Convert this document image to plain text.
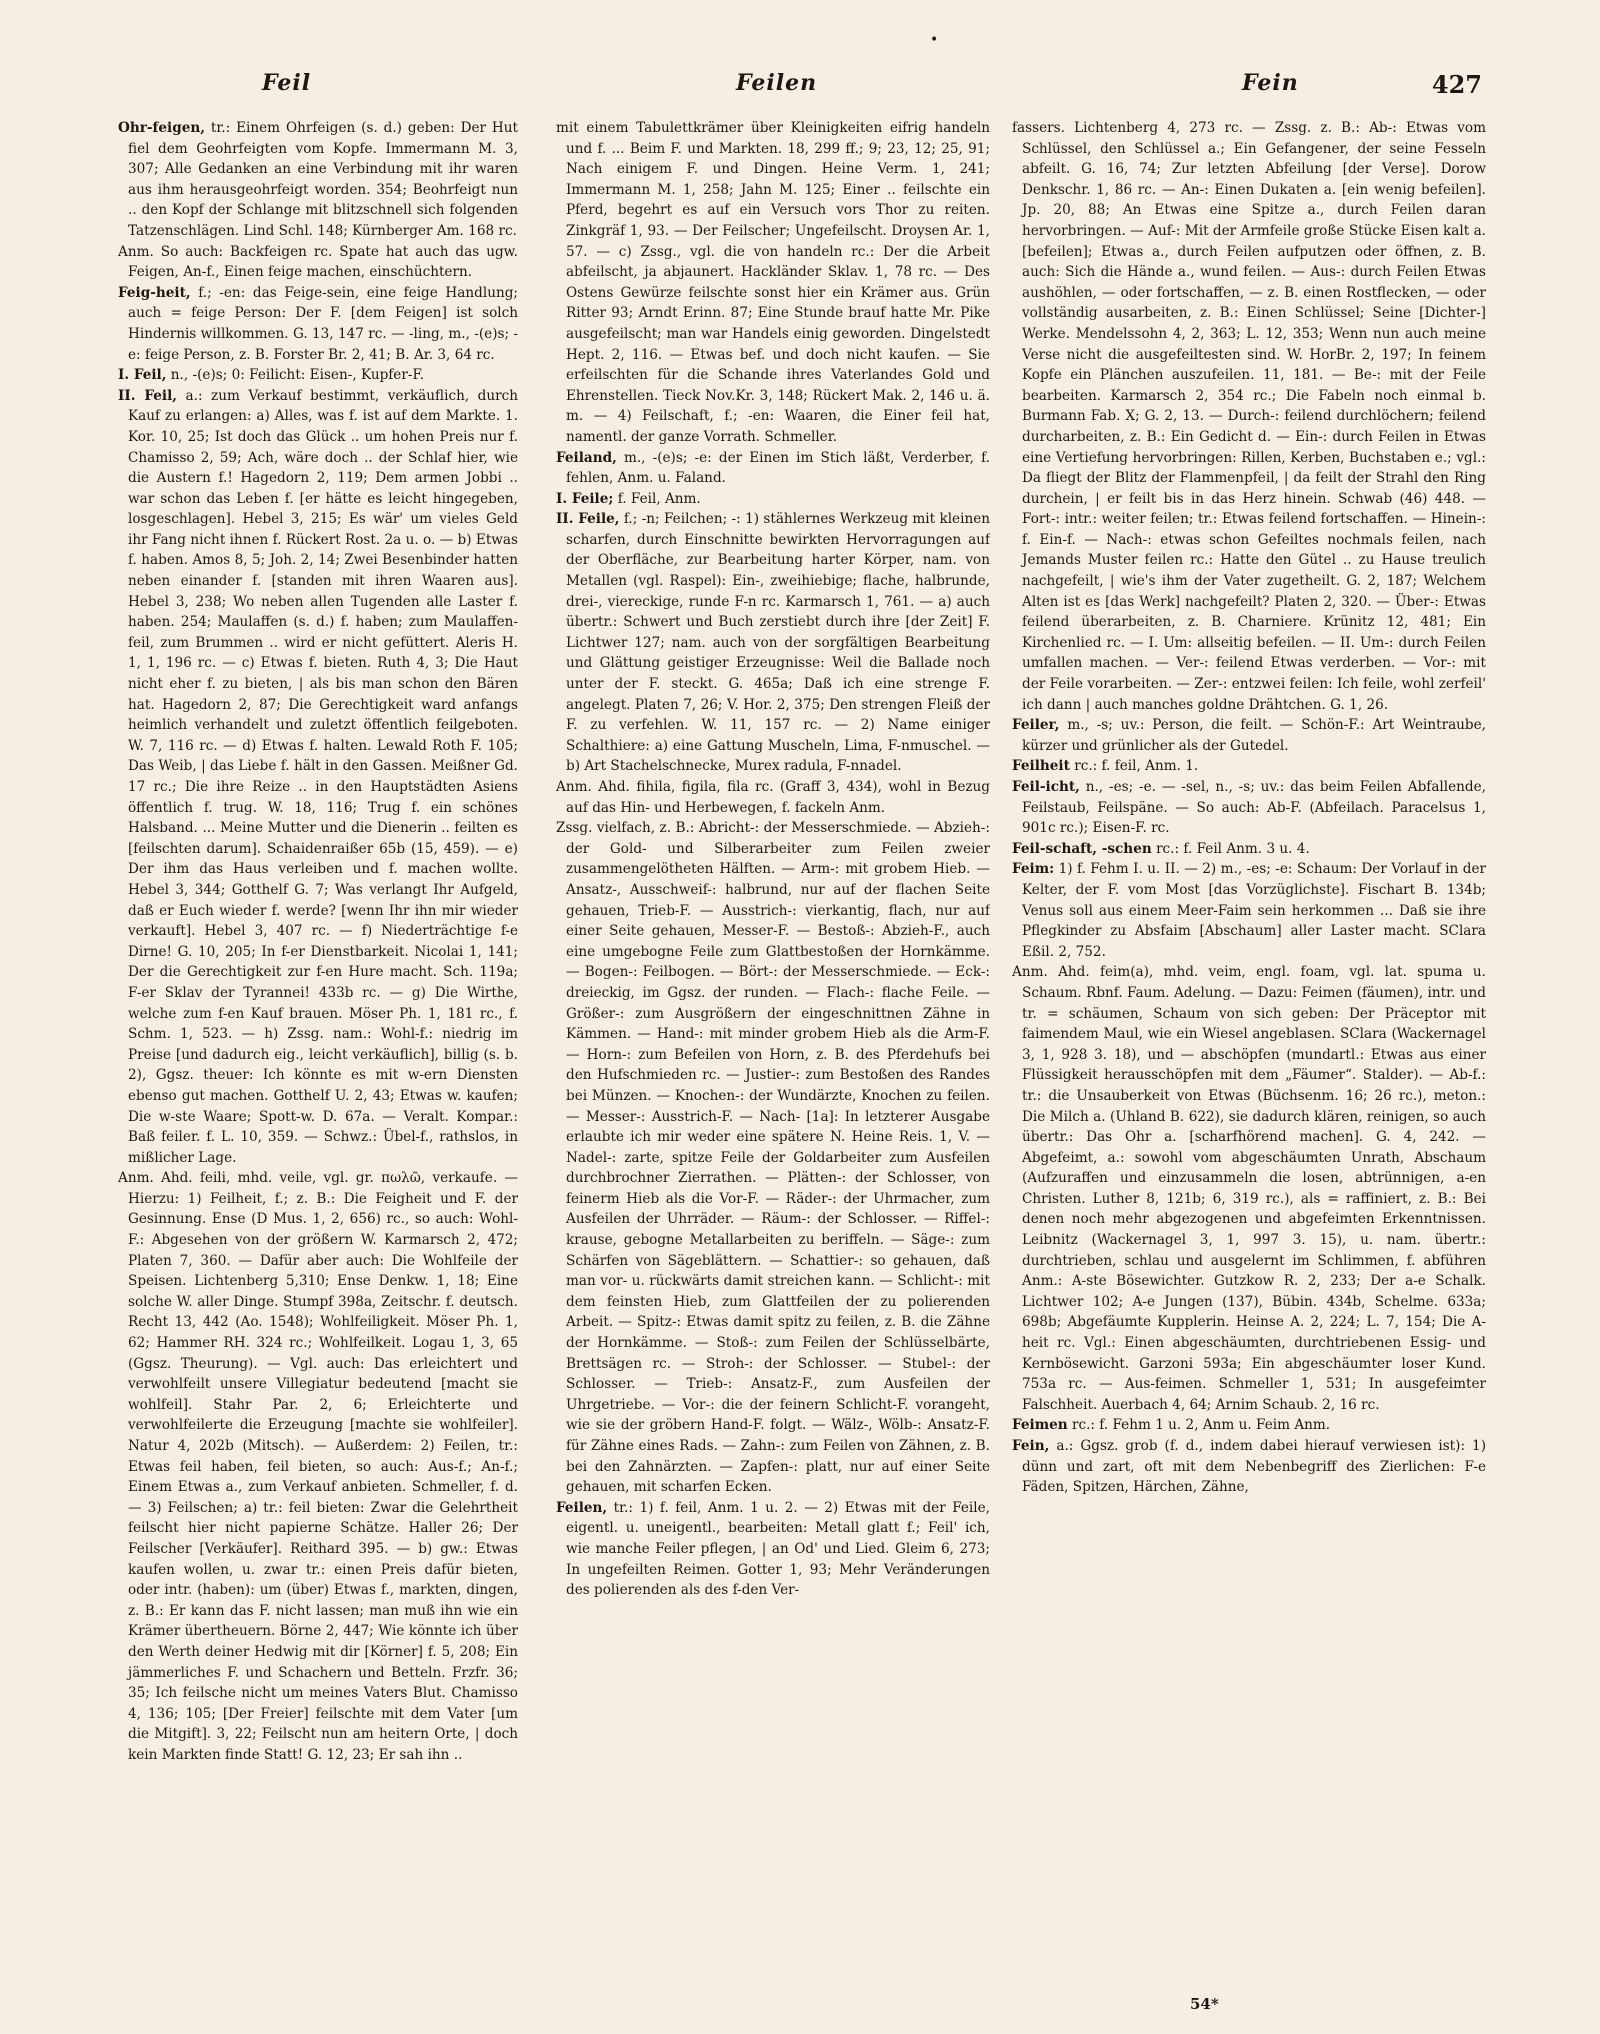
Feil	Feilen	Fein	427
•

Ohr-feigen, tr.: Einem Ohrfeigen (s. d.) geben: Der Hut fiel dem Geohrfeigten vom Kopfe. Immermann M. 3, 307; Alle Gedanken an eine Verbindung mit ihr waren aus ihm herausgeohrfeigt worden. 354; Beohrfeigt nun .. den Kopf der Schlange mit blitzschnell sich folgenden Tatzenschlägen. Lind Schl. 148; Kürnberger Am. 168 rc.

Anm. So auch: Backfeigen rc. Spate hat auch das ugw. Feigen, An-f., Einen feige machen, einschüchtern.

Feig-heit, f.; -en: das Feige-sein, eine feige Handlung; auch = feige Person: Der F. [dem Feigen] ist solch Hindernis willkommen. G. 13, 147 rc. — -ling, m., -(e)s; -e: feige Person, z. B. Forster Br. 2, 41; B. Ar. 3, 64 rc.

I. Feil, n., -(e)s; 0: Feilicht: Eisen-, Kupfer-F.

II. Feil, a.: zum Verkauf bestimmt, verkäuflich, durch Kauf zu erlangen: a) Alles, was f. ist auf dem Markte. 1. Kor. 10, 25; Ist doch das Glück .. um hohen Preis nur f. Chamisso 2, 59; Ach, wäre doch .. der Schlaf hier, wie die Austern f.! Hagedorn 2, 119; Dem armen Jobbi .. war schon das Leben f. [er hätte es leicht hingegeben, losgeschlagen]. Hebel 3, 215; Es wär' um vieles Geld ihr Fang nicht ihnen f. Rückert Rost. 2a u. o. — b) Etwas f. haben. Amos 8, 5; Joh. 2, 14; Zwei Besenbinder hatten neben einander f. [standen mit ihren Waaren aus]. Hebel 3, 238; Wo neben allen Tugenden alle Laster f. haben. 254; Maulaffen (s. d.) f. haben; zum Maulaffen-feil, zum Brummen .. wird er nicht gefüttert. Aleris H. 1, 1, 196 rc. — c) Etwas f. bieten. Ruth 4, 3; Die Haut nicht eher f. zu bieten, | als bis man schon den Bären hat. Hagedorn 2, 87; Die Gerechtigkeit ward anfangs heimlich verhandelt und zuletzt öffentlich feilgeboten. W. 7, 116 rc. — d) Etwas f. halten. Lewald Roth F. 105; Das Weib, | das Liebe f. hält in den Gassen. Meißner Gd. 17 rc.; Die ihre Reize .. in den Hauptstädten Asiens öffentlich f. trug. W. 18, 116; Trug f. ein schönes Halsband. ... Meine Mutter und die Dienerin .. feilten es [feilschten darum]. Schaidenraißer 65b (15, 459). — e) Der ihm das Haus verleiben und f. machen wollte. Hebel 3, 344; Gotthelf G. 7; Was verlangt Ihr Aufgeld, daß er Euch wieder f. werde? [wenn Ihr ihn mir wieder verkauft]. Hebel 3, 407 rc. — f) Niederträchtige f-e Dirne! G. 10, 205; In f-er Dienstbarkeit. Nicolai 1, 141; Der die Gerechtigkeit zur f-en Hure macht. Sch. 119a; F-er Sklav der Tyrannei! 433b rc. — g) Die Wirthe, welche zum f-en Kauf brauen. Möser Ph. 1, 181 rc., f. Schm. 1, 523. — h) Zssg. nam.: Wohl-f.: niedrig im Preise [und dadurch eig., leicht verkäuflich], billig (s. b. 2), Ggsz. theuer: Ich könnte es mit w-ern Diensten ebenso gut machen. Gotthelf U. 2, 43; Etwas w. kaufen; Die w-ste Waare; Spott-w. D. 67a. — Veralt. Kompar.: Baß feiler. f. L. 10, 359. — Schwz.: Übel-f., rathslos, in mißlicher Lage.

Anm. Ahd. feili, mhd. veile, vgl. gr. πωλῶ, verkaufe. — Hierzu: 1) Feilheit, f.; z. B.: Die Feigheit und F. der Gesinnung. Ense (D Mus. 1, 2, 656) rc., so auch: Wohl-F.: Abgesehen von der größern W. Karmarsch 2, 472; Platen 7, 360. — Dafür aber auch: Die Wohlfeile der Speisen. Lichtenberg 5,310; Ense Denkw. 1, 18; Eine solche W. aller Dinge. Stumpf 398a, Zeitschr. f. deutsch. Recht 13, 442 (Ao. 1548); Wohlfeiligkeit. Möser Ph. 1, 62; Hammer RH. 324 rc.; Wohlfeilkeit. Logau 1, 3, 65 (Ggsz. Theurung). — Vgl. auch: Das erleichtert und verwohlfeilt unsere Villegiatur bedeutend [macht sie wohlfeil]. Stahr Par. 2, 6; Erleichterte und verwohlfeilerte die Erzeugung [machte sie wohlfeiler]. Natur 4, 202b (Mitsch). — Außerdem: 2) Feilen, tr.: Etwas feil haben, feil bieten, so auch: Aus-f.; An-f.; Einem Etwas a., zum Verkauf anbieten. Schmeller, f. d. — 3) Feilschen; a) tr.: feil bieten: Zwar die Gelehrtheit feilscht hier nicht papierne Schätze. Haller 26; Der Feilscher [Verkäufer]. Reithard 395. — b) gw.: Etwas kaufen wollen, u. zwar tr.: einen Preis dafür bieten, oder intr. (haben): um (über) Etwas f., markten, dingen, z. B.: Er kann das F. nicht lassen; man muß ihn wie ein Krämer überthеuern. Börne 2, 447; Wie könnte ich über den Werth deiner Hedwig mit dir [Körner] f. 5, 208; Ein jämmerliches F. und Schachern und Betteln. Frzfr. 36; 35; Ich feilsche nicht um meines Vaters Blut. Chamisso 4, 136; 105; [Der Freier] feilschte mit dem Vater [um die Mitgift]. 3, 22; Feilscht nun am heitern Orte, | doch kein Markten finde Statt! G. 12, 23; Er sah ihn ..

mit einem Tabulettkrämer über Kleinigkeiten eifrig handeln und f. ... Beim F. und Markten. 18, 299 ff.; 9; 23, 12; 25, 91; Nach einigem F. und Dingen. Heine Verm. 1, 241; Immermann M. 1, 258; Jahn M. 125; Einer .. feilschte ein Pferd, begehrt es auf ein Versuch vors Thor zu reiten. Zinkgräf 1, 93. — Der Feilscher; Ungefeilscht. Droysen Ar. 1, 57. — c) Zssg., vgl. die von handeln rc.: Der die Arbeit abfeilscht, ja abjaunert. Hackländer Sklav. 1, 78 rc. — Des Ostens Gewürze feilschte sonst hier ein Krämer aus. Grün Ritter 93; Arndt Erinn. 87; Eine Stunde brauf hatte Mr. Pike ausgefeilscht; man war Handels einig geworden. Dingelstedt Hept. 2, 116. — Etwas bef. und doch nicht kaufen. — Sie erfeilschten für die Schande ihres Vaterlandes Gold und Ehrenstellen. Tieck Nov.Kr. 3, 148; Rückert Mak. 2, 146 u. ä. m. — 4) Feilschaft, f.; -en: Waaren, die Einer feil hat, namentl. der ganze Vorrath. Schmeller.

Feiland, m., -(e)s; -e: der Einen im Stich läßt, Verderber, f. fehlen, Anm. u. Faland.

I. Feile; f. Feil, Anm.

II. Feile, f.; -n; Feilchen; -: 1) stählernes Werkzeug mit kleinen scharfen, durch Einschnitte bewirkten Hervorragungen auf der Oberfläche, zur Bearbeitung harter Körper, nam. von Metallen (vgl. Raspel): Ein-, zweihiebige; flache, halbrunde, drei-, viereckige, runde F-n rc. Karmarsch 1, 761. — a) auch übertr.: Schwert und Buch zerstiebt durch ihre [der Zeit] F. Lichtwer 127; nam. auch von der sorgfältigen Bearbeitung und Glättung geistiger Erzeugnisse: Weil die Ballade noch unter der F. steckt. G. 465a; Daß ich eine strenge F. angelegt. Platen 7, 26; V. Hor. 2, 375; Den strengen Fleiß der F. zu verfehlen. W. 11, 157 rc. — 2) Name einiger Schalthiere: a) eine Gattung Muscheln, Lima, F-nmuschel. — b) Art Stachelschnecke, Murex radula, F-nnadel.

Anm. Ahd. fihila, figila, fila rc. (Graff 3, 434), wohl in Bezug auf das Hin- und Herbewegen, f. fackeln Anm.

Zssg. vielfach, z. B.: Abricht-: der Messerschmiede. — Abzieh-: der Gold- und Silberarbeiter zum Feilen zweier zusammengelötheten Hälften. — Arm-: mit grobem Hieb. — Ansatz-, Ausschweif-: halbrund, nur auf der flachen Seite gehauen, Trieb-F. — Ausstrich-: vierkantig, flach, nur auf einer Seite gehauen, Messer-F. — Bestoß-: Abzieh-F., auch eine umgebogne Feile zum Glattbestoßen der Hornkämme. — Bogen-: Feilbogen. — Bört-: der Messerschmiede. — Eck-: dreieckig, im Ggsz. der runden. — Flach-: flache Feile. — Größer-: zum Ausgrößern der eingeschnittnen Zähne in Kämmen. — Hand-: mit minder grobem Hieb als die Arm-F. — Horn-: zum Befeilen von Horn, z. B. des Pferdehufs bei den Hufschmieden rc. — Justier-: zum Bestoßen des Randes bei Münzen. — Knochen-: der Wundärzte, Knochen zu feilen. — Messer-: Ausstrich-F. — Nach- [1a]: In letzterer Ausgabe erlaubte ich mir weder eine spätere N. Heine Reis. 1, V. — Nadel-: zarte, spitze Feile der Goldarbeiter zum Ausfeilen durchbrochner Zierrathen. — Plätten-: der Schlosser, von feinerm Hieb als die Vor-F. — Räder-: der Uhrmacher, zum Ausfeilen der Uhrräder. — Räum-: der Schlosser. — Riffel-: krause, gebogne Metallarbeiten zu beriffeln. — Säge-: zum Schärfen von Sägeblättern. — Schattier-: so gehauen, daß man vor- u. rückwärts damit streichen kann. — Schlicht-: mit dem feinsten Hieb, zum Glattfeilen der zu polierenden Arbeit. — Spitz-: Etwas damit spitz zu feilen, z. B. die Zähne der Hornkämme. — Stoß-: zum Feilen der Schlüsselbärte, Brettsägen rc. — Stroh-: der Schlosser. — Stubel-: der Schlosser. — Trieb-: Ansatz-F., zum Ausfeilen der Uhrgetriebe. — Vor-: die der feinern Schlicht-F. vorangeht, wie sie der gröbern Hand-F. folgt. — Wälz-, Wölb-: Ansatz-F. für Zähne eines Rads. — Zahn-: zum Feilen von Zähnen, z. B. bei den Zahnärzten. — Zapfen-: platt, nur auf einer Seite gehauen, mit scharfen Ecken.

Feilen, tr.: 1) f. feil, Anm. 1 u. 2. — 2) Etwas mit der Feile, eigentl. u. uneigentl., bearbeiten: Metall glatt f.; Feil' ich, wie manche Feiler pflegen, | an Od' und Lied. Gleim 6, 273; In ungefeilten Reimen. Gotter 1, 93; Mehr Veränderungen des polierenden als des f-den Ver-

fassers. Lichtenberg 4, 273 rc. — Zssg. z. B.: Ab-: Etwas vom Schlüssel, den Schlüssel a.; Ein Gefangener, der seine Fesseln abfeilt. G. 16, 74; Zur letzten Abfeilung [der Verse]. Dorow Denkschr. 1, 86 rc. — An-: Einen Dukaten a. [ein wenig befeilen]. Jp. 20, 88; An Etwas eine Spitze a., durch Feilen daran hervorbringen. — Auf-: Mit der Armfeile große Stücke Eisen kalt a. [befeilen]; Etwas a., durch Feilen aufputzen oder öffnen, z. B. auch: Sich die Hände a., wund feilen. — Aus-: durch Feilen Etwas aushöhlen, — oder fortschaffen, — z. B. einen Rostflecken, — oder vollständig ausarbeiten, z. B.: Einen Schlüssel; Seine [Dichter-] Werke. Mendelssohn 4, 2, 363; L. 12, 353; Wenn nun auch meine Verse nicht die ausgefeiltesten sind. W. HorBr. 2, 197; In feinem Kopfe ein Plänchen auszufeilen. 11, 181. — Be-: mit der Feile bearbeiten. Karmarsch 2, 354 rc.; Die Fabeln noch einmal b. Burmann Fab. X; G. 2, 13. — Durch-: feilend durchlöchern; feilend durcharbeiten, z. B.: Ein Gedicht d. — Ein-: durch Feilen in Etwas eine Vertiefung hervorbringen: Rillen, Kerben, Buchstaben e.; vgl.: Da fliegt der Blitz der Flammenpfeil, | da feilt der Strahl den Ring durchein, | er feilt bis in das Herz hinein. Schwab (46) 448. — Fort-: intr.: weiter feilen; tr.: Etwas feilend fortschaffen. — Hinein-: f. Ein-f. — Nach-: etwas schon Gefeiltes nochmals feilen, nach Jemands Muster feilen rc.: Hatte den Gütel .. zu Hause treulich nachgefeilt, | wie's ihm der Vater zugetheilt. G. 2, 187; Welchem Alten ist es [das Werk] nachgefeilt? Platen 2, 320. — Über-: Etwas feilend überarbeiten, z. B. Charniere. Krünitz 12, 481; Ein Kirchenlied rc. — I. Um: allseitig befeilen. — II. Um-: durch Feilen umfallen machen. — Ver-: feilend Etwas verderben. — Vor-: mit der Feile vorarbeiten. — Zer-: entzwei feilen: Ich feile, wohl zerfeil' ich dann | auch manches goldne Drähtchen. G. 1, 26.

Feiler, m., -s; uv.: Person, die feilt. — Schön-F.: Art Weintraube, kürzer und grünlicher als der Gutedel.

Feilheit rc.: f. feil, Anm. 1.

Feil-icht, n., -es; -e. — -sel, n., -s; uv.: das beim Feilen Abfallende, Feilstaub, Feilspäne. — So auch: Ab-F. (Abfeilach. Paracelsus 1, 901c rc.); Eisen-F. rc.

Feil-schaft, -schen rc.: f. Feil Anm. 3 u. 4.

Feim: 1) f. Fehm I. u. II. — 2) m., -es; -e: Schaum: Der Vorlauf in der Kelter, der F. vom Most [das Vorzüglichste]. Fischart B. 134b; Venus soll aus einem Meer-Faim sein herkommen ... Daß sie ihre Pflegkinder zu Absfaim [Abschaum] aller Laster macht. SClara Eßil. 2, 752.

Anm. Ahd. feim(a), mhd. veim, engl. foam, vgl. lat. spuma u. Schaum. Rbnf. Faum. Adelung. — Dazu: Feimen (fäumen), intr. und tr. = schäumen, Schaum von sich geben: Der Präceptor mit faimendem Maul, wie ein Wiesel angeblasen. SClara (Wackernagel 3, 1, 928 3. 18), und — abschöpfen (mundartl.: Etwas aus einer Flüssigkeit herausschöpfen mit dem „Fäumer“. Stalder). — Ab-f.: tr.: die Unsauberkeit von Etwas (Büchsenm. 16; 26 rc.), meton.: Die Milch a. (Uhland B. 622), sie dadurch klären, reinigen, so auch übertr.: Das Ohr a. [scharfhörend machen]. G. 4, 242. — Abgefeimt, a.: sowohl vom abgeschäumten Unrath, Abschaum (Aufzuraffen und einzusammeln die losen, abtrünnigen, a-en Christen. Luther 8, 121b; 6, 319 rc.), als = raffiniert, z. B.: Bei denen noch mehr abgezogenen und abgefeimten Erkenntnissen. Leibnitz (Wackernagel 3, 1, 997 3. 15), u. nam. übertr.: durchtrieben, schlau und ausgelernt im Schlimmen, f. abführen Anm.: A-ste Bösewichter. Gutzkow R. 2, 233; Der a-e Schalk. Lichtwer 102; A-e Jungen (137), Bübin. 434b, Schelme. 633a; 698b; Abgefäumte Kupplerin. Heinse A. 2, 224; L. 7, 154; Die A-heit rc. Vgl.: Einen abgeschäumten, durchtriebenen Essig- und Kernbösewicht. Garzoni 593a; Ein abgeschäumter loser Kund. 753a rc. — Aus-feimen. Schmeller 1, 531; In ausgefeimter Falschheit. Auerbach 4, 64; Arnim Schaub. 2, 16 rc.

Feimen rc.: f. Fehm 1 u. 2, Anm u. Feim Anm.

Fein, a.: Ggsz. grob (f. d., indem dabei hierauf verwiesen ist): 1) dünn und zart, oft mit dem Nebenbegriff des Zierlichen: F-e Fäden, Spitzen, Härchen, Zähne,

54*
